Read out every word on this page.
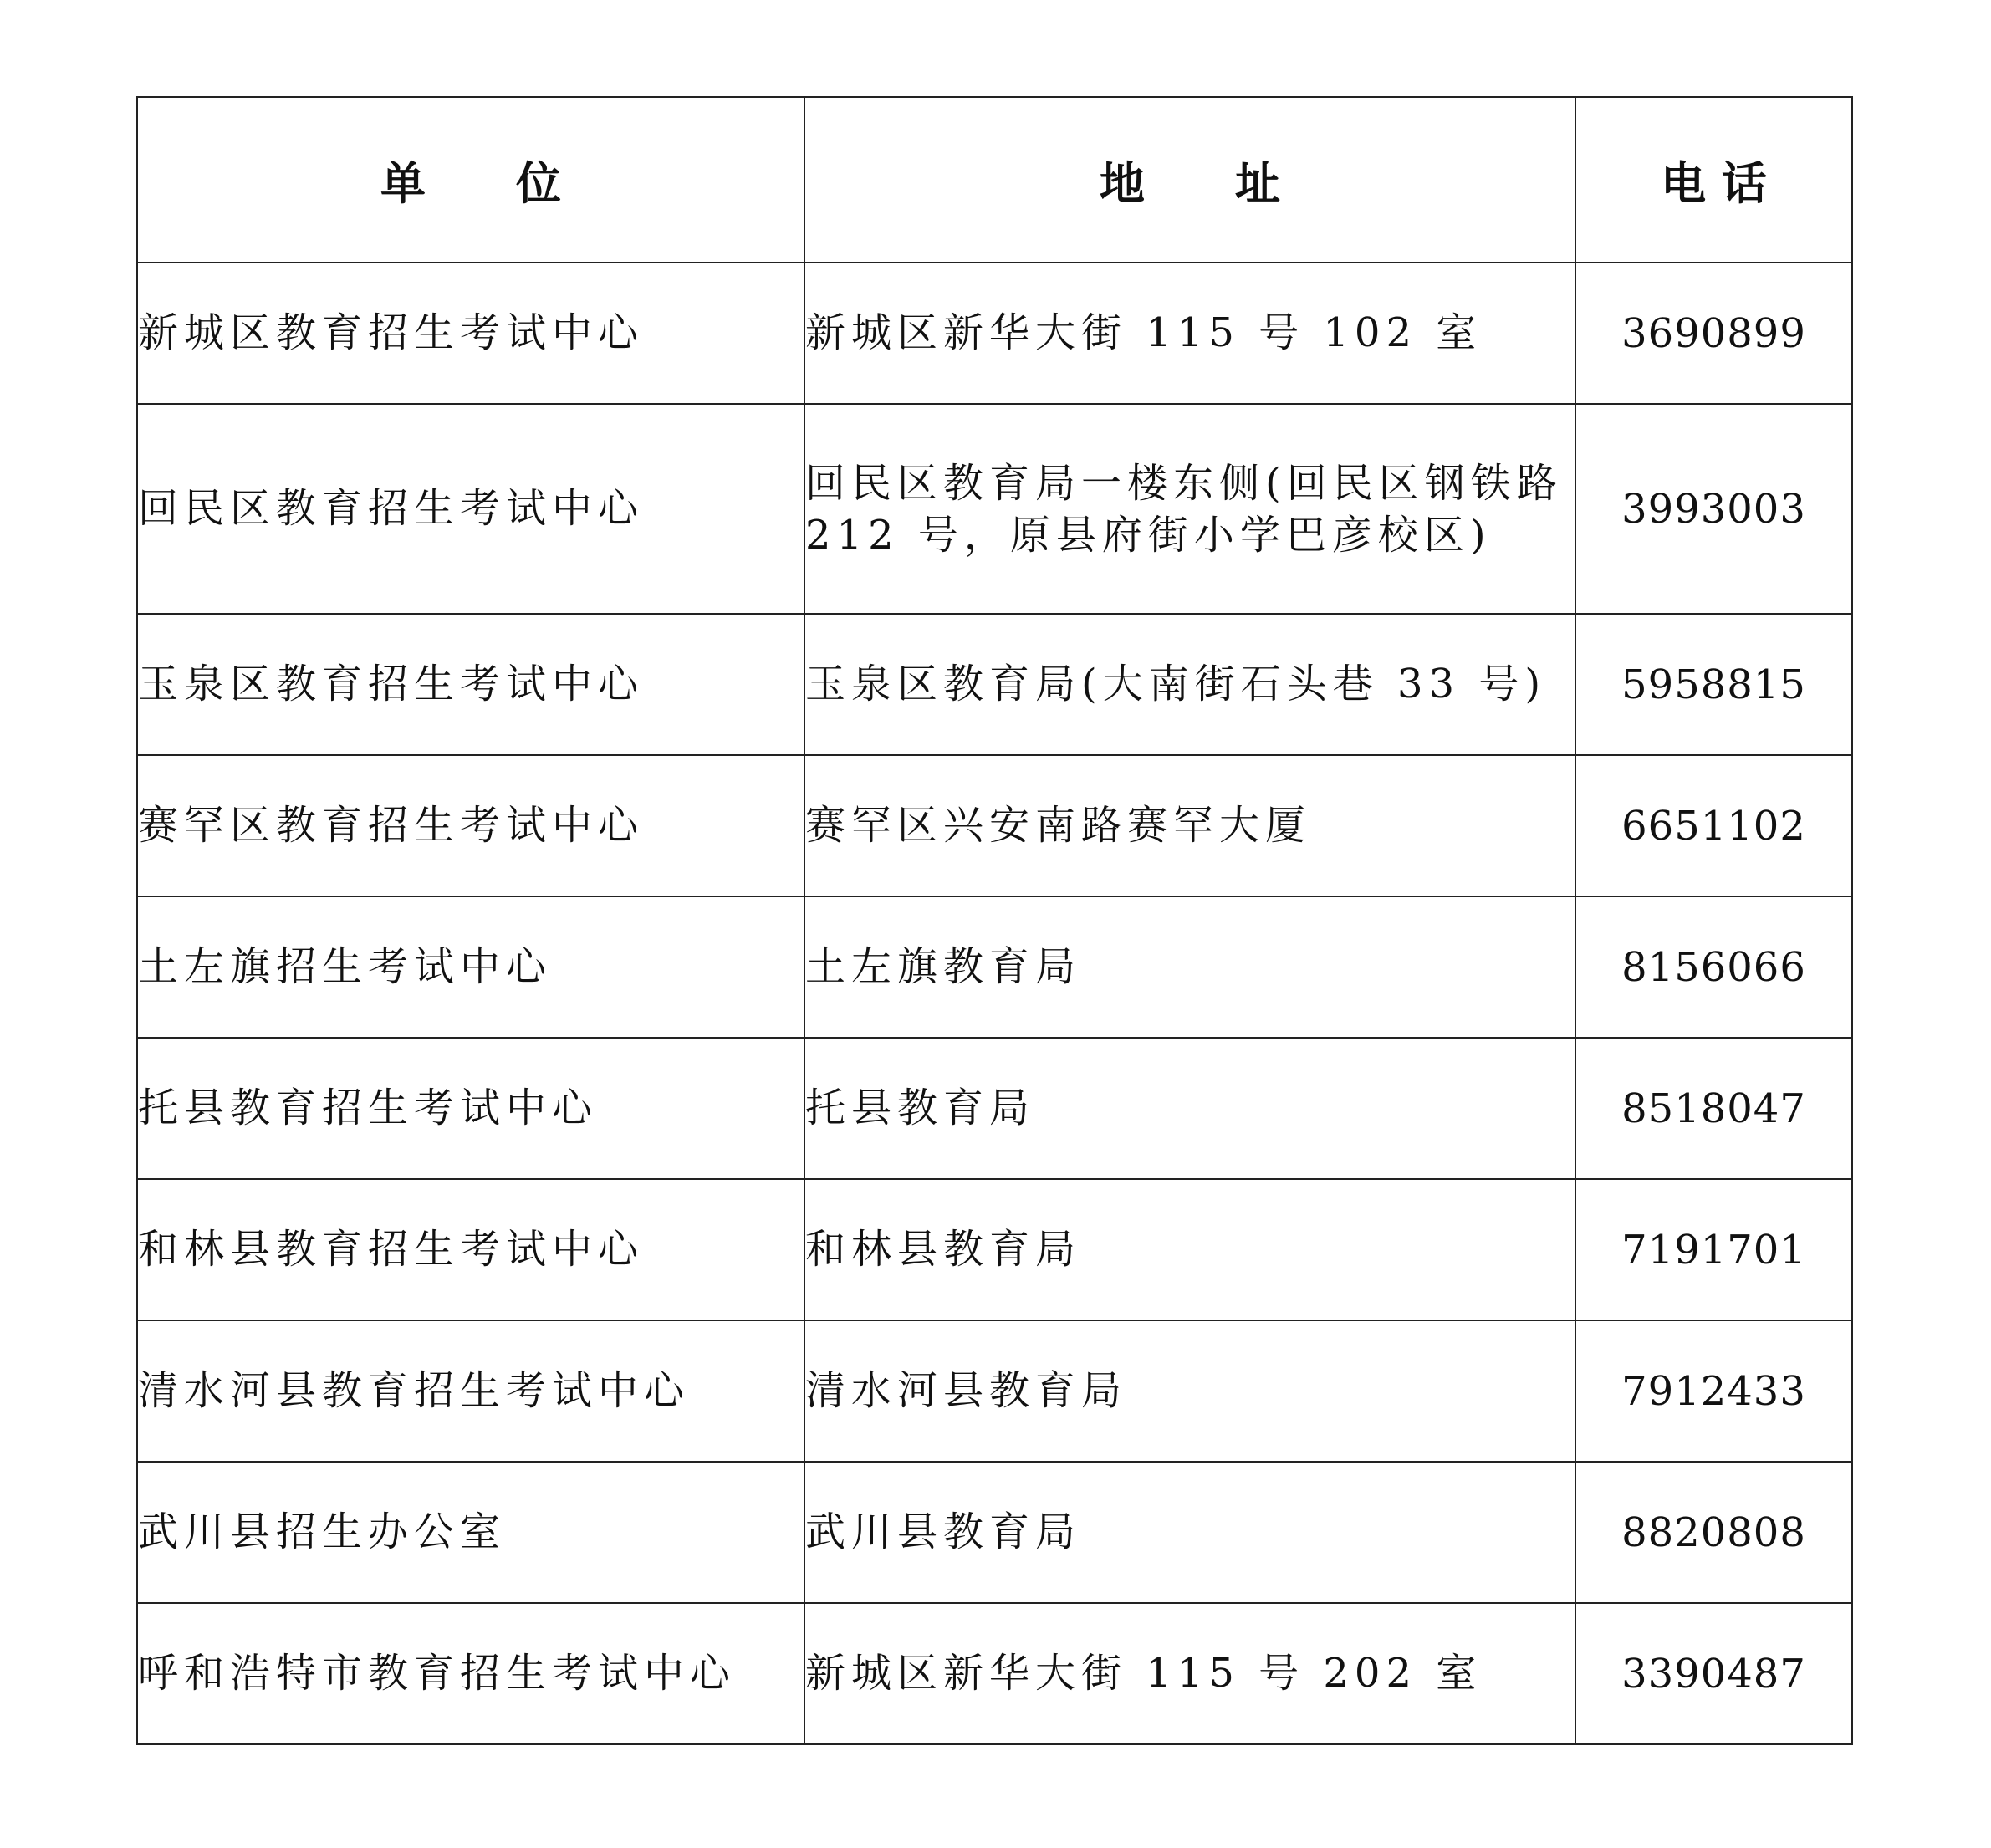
单　　位	地　　址	电 话
新城区教育招生考试中心	新城区新华大街 115 号 102 室	3690899
回民区教育招生考试中心	回民区教育局一楼东侧(回民区钢铁路 212 号，原县府街小学巴彦校区)	3993003
玉泉区教育招生考试中心	玉泉区教育局(大南街石头巷 33 号)	5958815
赛罕区教育招生考试中心	赛罕区兴安南路赛罕大厦	6651102
土左旗招生考试中心	土左旗教育局	8156066
托县教育招生考试中心	托县教育局	8518047
和林县教育招生考试中心	和林县教育局	7191701
清水河县教育招生考试中心	清水河县教育局	7912433
武川县招生办公室	武川县教育局	8820808
呼和浩特市教育招生考试中心	新城区新华大街 115 号 202 室	3390487
